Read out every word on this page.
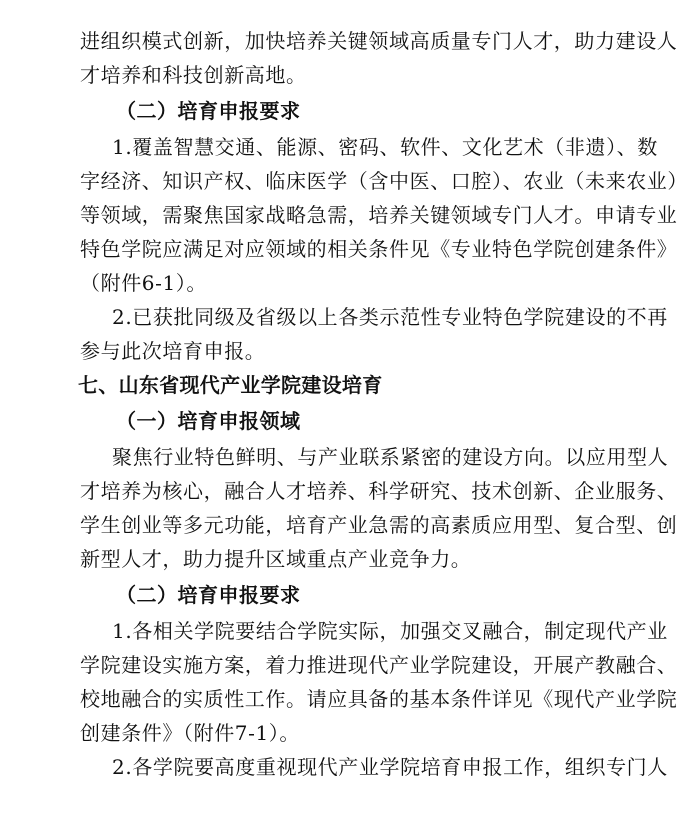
进组织模式创新，加快培养关键领域高质量专门人才，助力建设人
才培养和科技创新高地。
（二）培育申报要求
1.覆盖智慧交通、能源、密码、软件、文化艺术（非遗）、数
字经济、知识产权、临床医学（含中医、口腔）、农业（未来农业）
等领域，需聚焦国家战略急需，培养关键领域专门人才。申请专业
特色学院应满足对应领域的相关条件见《专业特色学院创建条件》
（附件6-1）。
2.已获批同级及省级以上各类示范性专业特色学院建设的不再
参与此次培育申报。
七、山东省现代产业学院建设培育
（一）培育申报领域
聚焦行业特色鲜明、与产业联系紧密的建设方向。以应用型人
才培养为核心，融合人才培养、科学研究、技术创新、企业服务、
学生创业等多元功能，培育产业急需的高素质应用型、复合型、创
新型人才，助力提升区域重点产业竞争力。
（二）培育申报要求
1.各相关学院要结合学院实际，加强交叉融合，制定现代产业
学院建设实施方案，着力推进现代产业学院建设，开展产教融合、
校地融合的实质性工作。请应具备的基本条件详见《现代产业学院
创建条件》（附件7-1）。
2.各学院要高度重视现代产业学院培育申报工作，组织专门人
